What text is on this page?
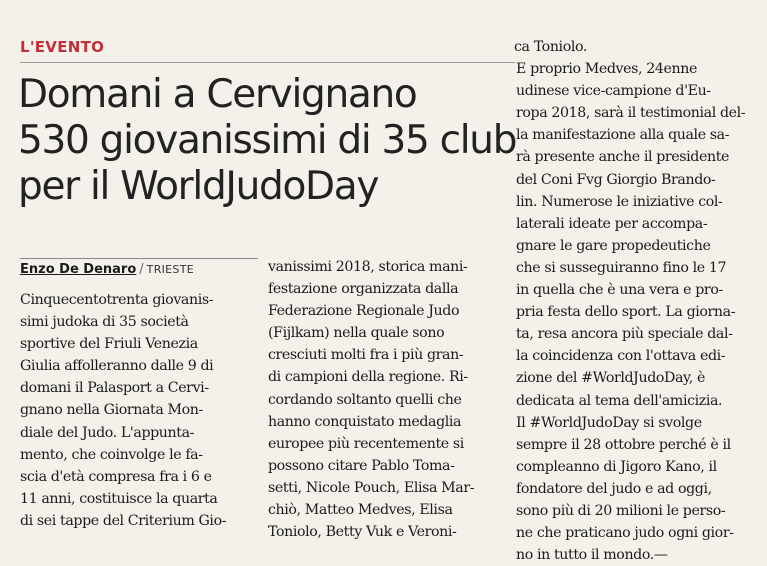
L'EVENTO
Domani a Cervignano
530 giovanissimi di 35 club
per il WorldJudoDay
Enzo De Denaro / TRIESTE
Cinquecentotrenta giovanis-
simi judoka di 35 società
sportive del Friuli Venezia
Giulia affolleranno dalle 9 di
domani il Palasport a Cervi-
gnano nella Giornata Mon-
diale del Judo. L'appunta-
mento, che coinvolge le fa-
scia d'età compresa fra i 6 e
11 anni, costituisce la quarta
di sei tappe del Criterium Gio-
vanissimi 2018, storica mani-
festazione organizzata dalla
Federazione Regionale Judo
(Fijlkam) nella quale sono
cresciuti molti fra i più gran-
di campioni della regione. Ri-
cordando soltanto quelli che
hanno conquistato medaglia
europee più recentemente si
possono citare Pablo Toma-
setti, Nicole Pouch, Elisa Mar-
chiò, Matteo Medves, Elisa
Toniolo, Betty Vuk e Veroni-
ca Toniolo.
E proprio Medves, 24enne
udinese vice-campione d'Eu-
ropa 2018, sarà il testimonial del-
la manifestazione alla quale sa-
rà presente anche il presidente
del Coni Fvg Giorgio Brando-
lin. Numerose le iniziative col-
laterali ideate per accompa-
gnare le gare propedeutiche
che si susseguiranno fino le 17
in quella che è una vera e pro-
pria festa dello sport. La giorna-
ta, resa ancora più speciale dal-
la coincidenza con l'ottava edi-
zione del #WorldJudoDay, è
dedicata al tema dell'amicizia.
Il #WorldJudoDay si svolge
sempre il 28 ottobre perché è il
compleanno di Jigoro Kano, il
fondatore del judo e ad oggi,
sono più di 20 milioni le perso-
ne che praticano judo ogni gior-
no in tutto il mondo.—
